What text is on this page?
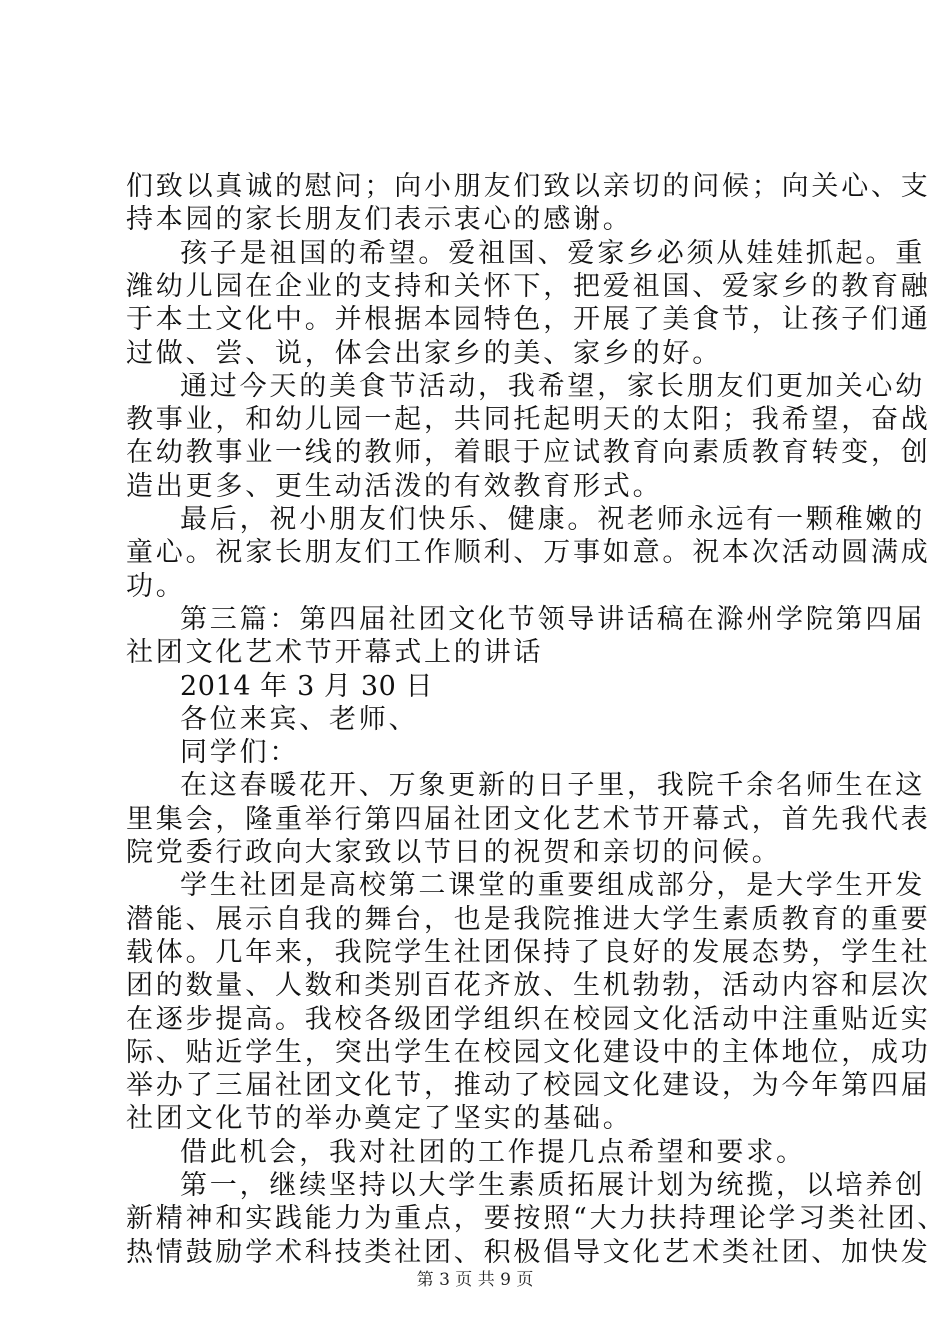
们致以真诚的慰问；向小朋友们致以亲切的问候；向关心、支
持本园的家长朋友们表示衷心的感谢。
孩子是祖国的希望。爱祖国、爱家乡必须从娃娃抓起。重
潍幼儿园在企业的支持和关怀下，把爱祖国、爱家乡的教育融
于本土文化中。并根据本园特色，开展了美食节，让孩子们通
过做、尝、说，体会出家乡的美、家乡的好。
通过今天的美食节活动，我希望，家长朋友们更加关心幼
教事业，和幼儿园一起，共同托起明天的太阳；我希望，奋战
在幼教事业一线的教师，着眼于应试教育向素质教育转变，创
造出更多、更生动活泼的有效教育形式。
最后，祝小朋友们快乐、健康。祝老师永远有一颗稚嫩的
童心。祝家长朋友们工作顺利、万事如意。祝本次活动圆满成
功。
第三篇：第四届社团文化节领导讲话稿在滁州学院第四届
社团文化艺术节开幕式上的讲话
2014 年 3 月 30 日
各位来宾、老师、
同学们：
在这春暖花开、万象更新的日子里，我院千余名师生在这
里集会，隆重举行第四届社团文化艺术节开幕式，首先我代表
院党委行政向大家致以节日的祝贺和亲切的问候。
学生社团是高校第二课堂的重要组成部分，是大学生开发
潜能、展示自我的舞台，也是我院推进大学生素质教育的重要
载体。几年来，我院学生社团保持了良好的发展态势，学生社
团的数量、人数和类别百花齐放、生机勃勃，活动内容和层次
在逐步提高。我校各级团学组织在校园文化活动中注重贴近实
际、贴近学生，突出学生在校园文化建设中的主体地位，成功
举办了三届社团文化节，推动了校园文化建设，为今年第四届
社团文化节的举办奠定了坚实的基础。
借此机会，我对社团的工作提几点希望和要求。
第一，继续坚持以大学生素质拓展计划为统揽，以培养创
新精神和实践能力为重点，要按照“大力扶持理论学习类社团、
热情鼓励学术科技类社团、积极倡导文化艺术类社团、加快发
第 3 页 共 9 页
